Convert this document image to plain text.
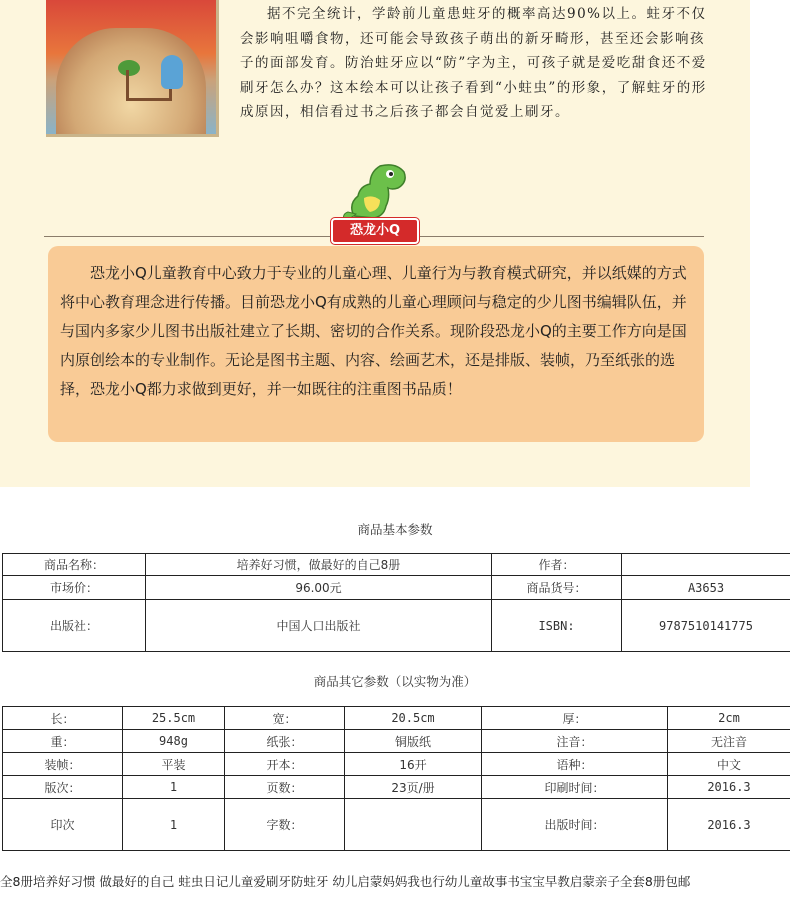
据不完全统计，学龄前儿童患蛀牙的概率高达90%以上。蛀牙不仅会影响咀嚼食物，还可能会导致孩子萌出的新牙畸形，甚至还会影响孩子的面部发育。防治蛀牙应以“防”字为主，可孩子就是爱吃甜食还不爱刷牙怎么办？这本绘本可以让孩子看到“小蛀虫”的形象，了解蛀牙的形成原因，相信看过书之后孩子都会自觉爱上刷牙。

恐龙小Q

恐龙小Q儿童教育中心致力于专业的儿童心理、儿童行为与教育模式研究，并以纸媒的方式将中心教育理念进行传播。目前恐龙小Q有成熟的儿童心理顾问与稳定的少儿图书编辑队伍，并与国内多家少儿图书出版社建立了长期、密切的合作关系。现阶段恐龙小Q的主要工作方向是国内原创绘本的专业制作。无论是图书主题、内容、绘画艺术，还是排版、装帧，乃至纸张的选择，恐龙小Q都力求做到更好，并一如既往的注重图书品质！

商品基本参数
商品名称：	培养好习惯，做最好的自己8册	作者：	
市场价：	96.00元	商品货号：	A3653
出版社：	中国人口出版社	ISBN:	9787510141775
商品其它参数（以实物为准）
长：	25.5cm	宽：	20.5cm	厚：	2cm
重：	948g	纸张：	铜版纸	注音：	无注音
装帧：	平装	开本：	16开	语种：	中文
版次：	1	页数：	23页/册	印刷时间：	2016.3
印次	1	字数：		出版时间：	2016.3
全8册培养好习惯 做最好的自己 蛀虫日记儿童爱刷牙防蛀牙 幼儿启蒙妈妈我也行幼儿童故事书宝宝早教启蒙亲子全套8册包邮
